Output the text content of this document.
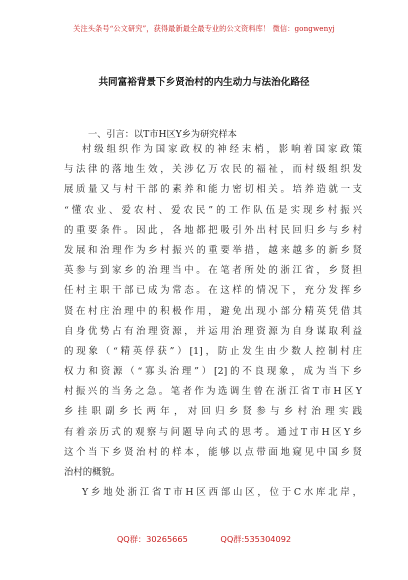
关注头条号“公文研究”，获得最新最全最专业的公文资料库！ 微信：gongwenyj
共同富裕背景下乡贤治村的内生动力与法治化路径
一、引言：以T市H区Y乡为研究样本
村级组织作为国家政权的神经末梢，影响着国家政策
与法律的落地生效，关涉亿万农民的福祉，而村级组织发
展质量又与村干部的素养和能力密切相关。培养造就一支
“懂农业、爱农村、爱农民”的工作队伍是实现乡村振兴
的重要条件。因此，各地都把吸引外出村民回归乡与乡村
发展和治理作为乡村振兴的重要举措，越来越多的新乡贤
英参与到家乡的治理当中。在笔者所处的浙江省，乡贤担
任村主职干部已成为常态。在这样的情况下，充分发挥乡
贤在村庄治理中的积极作用，避免出现小部分精英凭借其
自身优势占有治理资源，并运用治理资源为自身谋取利益
的现象（“精英俘获”）[1]，防止发生由少数人控制村庄
权力和资源（“寡头治理”）[2]的不良现象，成为当下乡
村振兴的当务之急。笔者作为选调生曾在浙江省T市H区Y
乡挂职副乡长两年，对回归乡贤参与乡村治理实践
有着亲历式的观察与问题导向式的思考。通过T市H区Y乡
这个当下乡贤治村的样本，能够以点带面地窥见中国乡贤
治村的概貌。
Y乡地处浙江省T市H区西部山区，位于C水库北岸，
QQ群：30265665	QQ群:535304092
